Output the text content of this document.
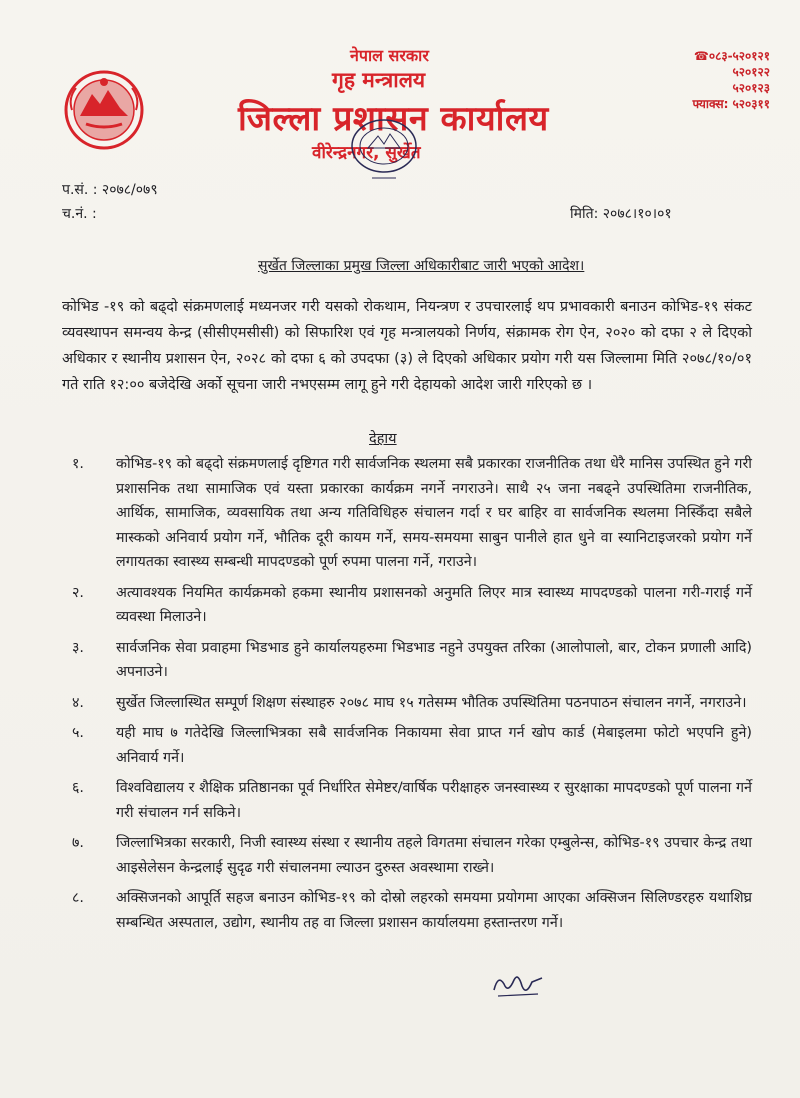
नेपाल सरकार
गृह मन्त्रालय
जिल्ला प्रशासन कार्यालय
वीरेन्द्रनगर, सुर्खेत
☎०८३-५२०१२१
५२०१२२
५२०१२३
फ्याक्स: ५२०३११
प.सं. : २०७८/०७९
च.नं. :	मिति: २०७८।१०।०१
सुर्खेत जिल्लाका प्रमुख जिल्ला अधिकारीबाट जारी भएको आदेश।
कोभिड -१९ को बढ्दो संक्रमणलाई मध्यनजर गरी यसको रोकथाम, नियन्त्रण र उपचारलाई थप प्रभावकारी बनाउन कोभिड-१९ संकट व्यवस्थापन समन्वय केन्द्र (सीसीएमसीसी) को सिफारिश एवं गृह मन्त्रालयको निर्णय, संक्रामक रोग ऐन, २०२० को दफा २ ले दिएको अधिकार र स्थानीय प्रशासन ऐन, २०२८ को दफा ६ को उपदफा (३) ले दिएको अधिकार प्रयोग गरी यस जिल्लामा मिति २०७८/१०/०१ गते राति १२:०० बजेदेखि अर्को सूचना जारी नभएसम्म लागू हुने गरी देहायको आदेश जारी गरिएको छ ।
देहाय
१.	कोभिड-१९ को बढ्दो संक्रमणलाई दृष्टिगत गरी सार्वजनिक स्थलमा सबै प्रकारका राजनीतिक तथा धेरै मानिस उपस्थित हुने गरी प्रशासनिक तथा सामाजिक एवं यस्ता प्रकारका कार्यक्रम नगर्ने नगराउने। साथै २५ जना नबढ्ने उपस्थितिमा राजनीतिक, आर्थिक, सामाजिक, व्यवसायिक तथा अन्य गतिविधिहरु संचालन गर्दा र घर बाहिर वा सार्वजनिक स्थलमा निस्किँदा सबैले मास्कको अनिवार्य प्रयोग गर्ने, भौतिक दूरी कायम गर्ने, समय-समयमा साबुन पानीले हात धुने वा स्यानिटाइजरको प्रयोग गर्ने लगायतका स्वास्थ्य सम्बन्धी मापदण्डको पूर्ण रुपमा पालना गर्ने, गराउने।
२.	अत्यावश्यक नियमित कार्यक्रमको हकमा स्थानीय प्रशासनको अनुमति लिएर मात्र स्वास्थ्य मापदण्डको पालना गरी-गराई गर्ने व्यवस्था मिलाउने।
३.	सार्वजनिक सेवा प्रवाहमा भिडभाड हुने कार्यालयहरुमा भिडभाड नहुने उपयुक्त तरिका (आलोपालो, बार, टोकन प्रणाली आदि) अपनाउने।
४.	सुर्खेत जिल्लास्थित सम्पूर्ण शिक्षण संस्थाहरु २०७८ माघ १५ गतेसम्म भौतिक उपस्थितिमा पठनपाठन संचालन नगर्ने, नगराउने।
५.	यही माघ ७ गतेदेखि जिल्लाभित्रका सबै सार्वजनिक निकायमा सेवा प्राप्त गर्न खोप कार्ड (मेबाइलमा फोटो भएपनि हुने) अनिवार्य गर्ने।
६.	विश्वविद्यालय र शैक्षिक प्रतिष्ठानका पूर्व निर्धारित सेमेष्टर/वार्षिक परीक्षाहरु जनस्वास्थ्य र सुरक्षाका मापदण्डको पूर्ण पालना गर्ने गरी संचालन गर्न सकिने।
७.	जिल्लाभित्रका सरकारी, निजी स्वास्थ्य संस्था र स्थानीय तहले विगतमा संचालन गरेका एम्बुलेन्स, कोभिड-१९ उपचार केन्द्र तथा आइसेलेसन केन्द्रलाई सुदृढ गरी संचालनमा ल्याउन दुरुस्त अवस्थामा राख्ने।
८.	अक्सिजनको आपूर्ति सहज बनाउन कोभिड-१९ को दोस्रो लहरको समयमा प्रयोगमा आएका अक्सिजन सिलिण्डरहरु यथाशिघ्र सम्बन्धित अस्पताल, उद्योग, स्थानीय तह वा जिल्ला प्रशासन कार्यालयमा हस्तान्तरण गर्ने।
